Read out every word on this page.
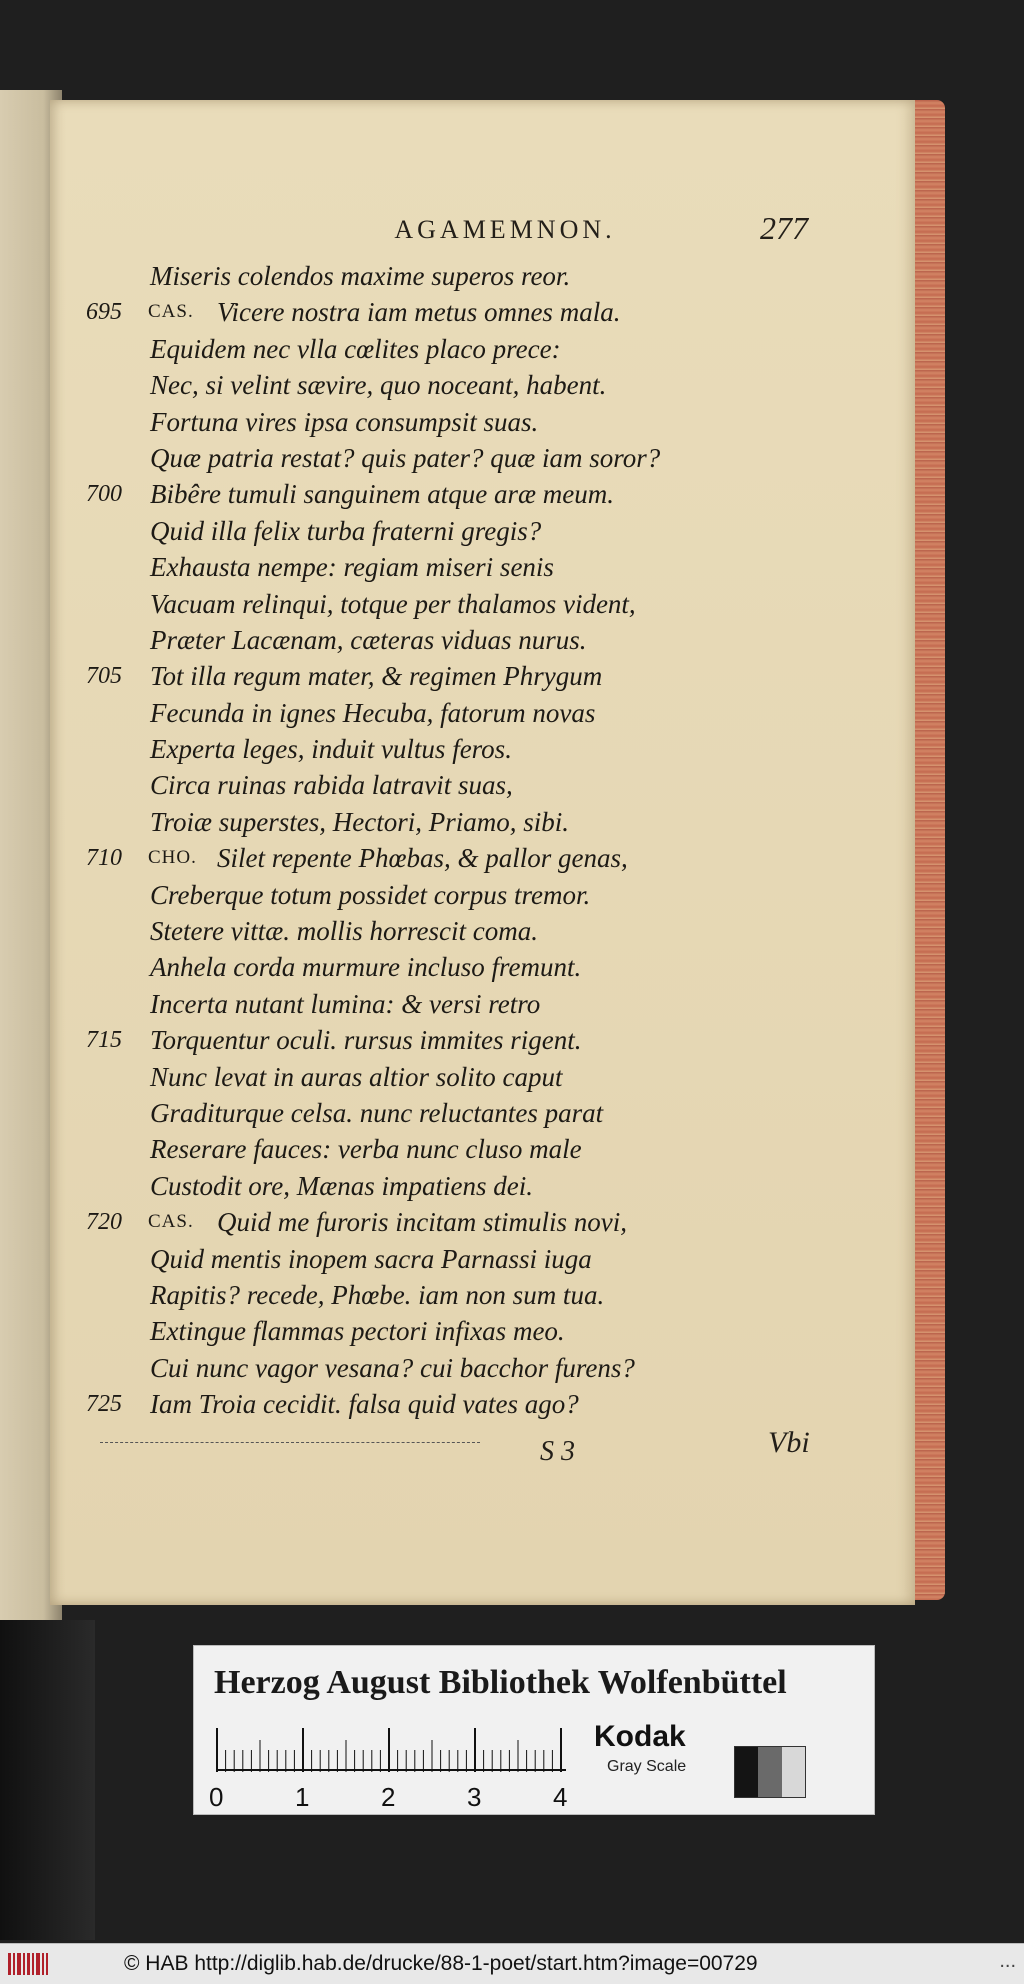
AGAMEMNON.	277
Miseris colendos maxime superos reor.
695	CAS. Vicere nostra iam metus omnes mala.
Equidem nec vlla cœlites placo prece:
Nec, si velint sævire, quo noceant, habent.
Fortuna vires ipsa consumpsit suas.
Quæ patria restat? quis pater? quæ iam soror?
700	Bibêre tumuli sanguinem atque aræ meum.
Quid illa felix turba fraterni gregis?
Exhausta nempe: regiam miseri senis
Vacuam relinqui, totque per thalamos vident,
Præter Lacænam, cæteras viduas nurus.
705	Tot illa regum mater, & regimen Phrygum
Fecunda in ignes Hecuba, fatorum novas
Experta leges, induit vultus feros.
Circa ruinas rabida latravit suas,
Troiæ superstes, Hectori, Priamo, sibi.
710	CHO. Silet repente Phœbas, & pallor genas,
Creberque totum possidet corpus tremor.
Stetere vittæ. mollis horrescit coma.
Anhela corda murmure incluso fremunt.
Incerta nutant lumina: & versi retro
715	Torquentur oculi. rursus immites rigent.
Nunc levat in auras altior solito caput
Graditurque celsa. nunc reluctantes parat
Reserare fauces: verba nunc cluso male
Custodit ore, Mænas impatiens dei.
720	CAS. Quid me furoris incitam stimulis novi,
Quid mentis inopem sacra Parnassi iuga
Rapitis? recede, Phœbe. iam non sum tua.
Extingue flammas pectori infixas meo.
Cui nunc vagor vesana? cui bacchor furens?
725	Iam Troia cecidit. falsa quid vates ago?
S 3	Vbi
Herzog August Bibliothek Wolfenbüttel
0	1	2	3	4
Kodak
Gray Scale
© HAB http://diglib.hab.de/drucke/88-1-poet/start.htm?image=00729	...
